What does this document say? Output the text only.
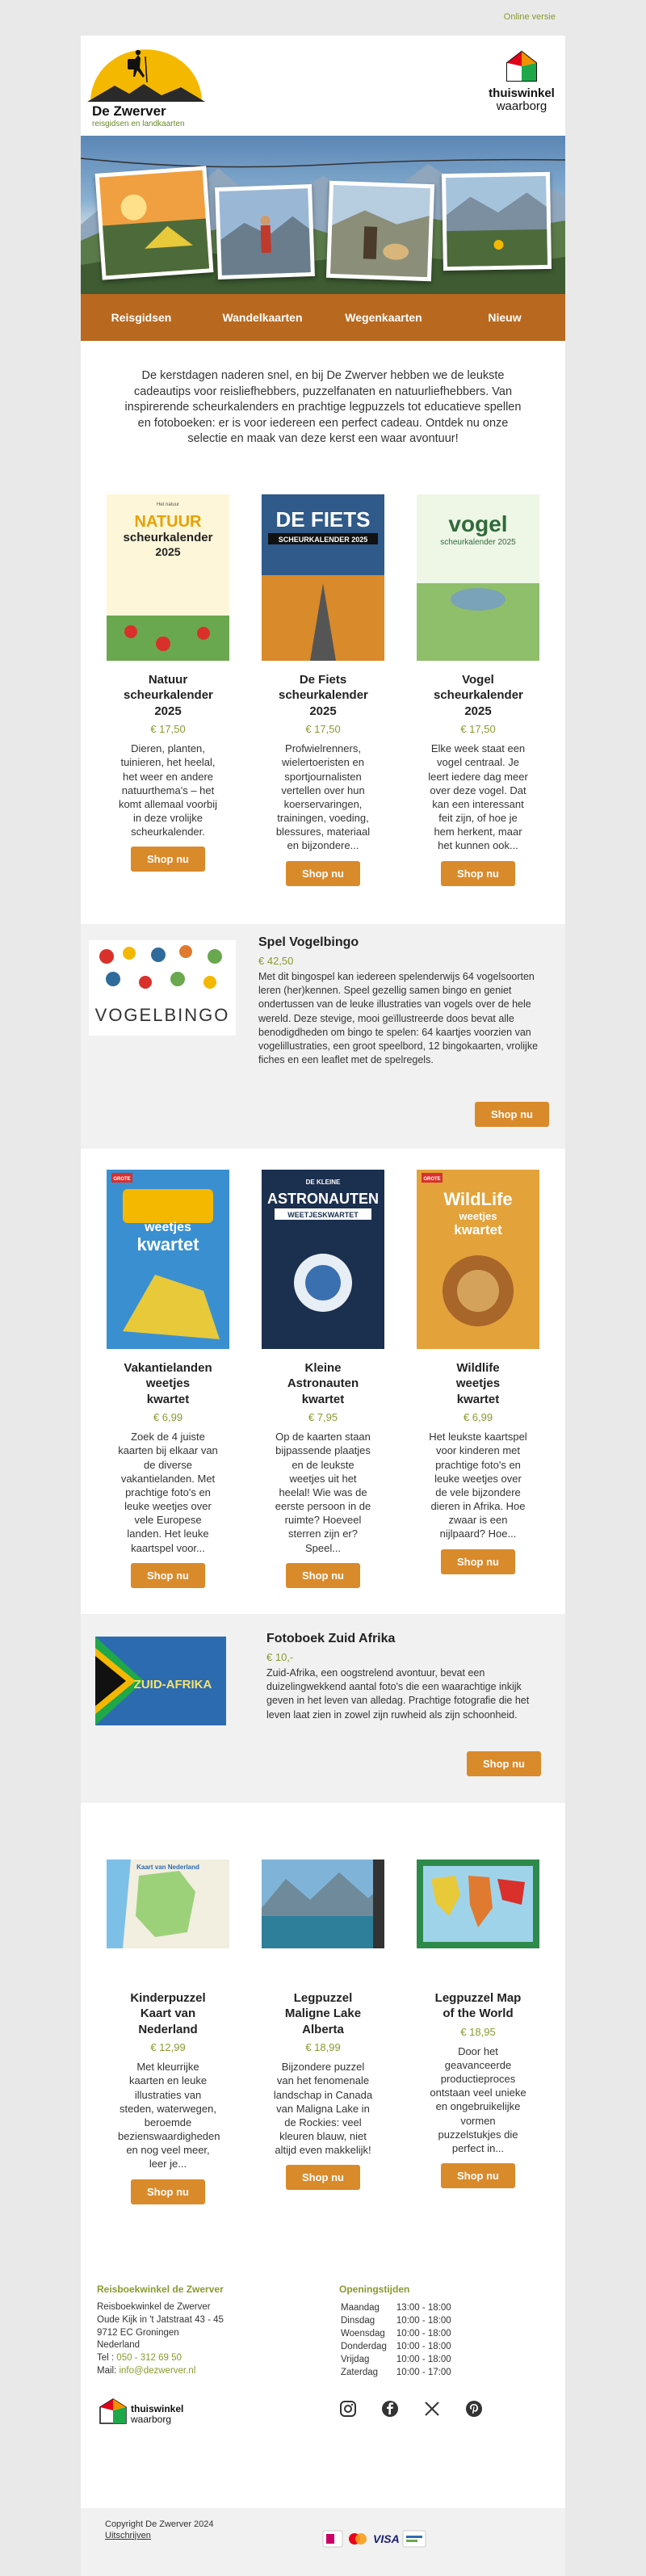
Online versie
De Zwerver
reisgidsen en landkaarten
thuiswinkel
waarborg
Reisgidsen	Wandelkaarten	Wegenkaarten	Nieuw
De kerstdagen naderen snel, en bij De Zwerver hebben we de leukste cadeautips voor reisliefhebbers, puzzelfanaten en natuurliefhebbers. Van inspirerende scheurkalenders en prachtige legpuzzels tot educatieve spellen en fotoboeken: er is voor iedereen een perfect cadeau. Ontdek nu onze selectie en maak van deze kerst een waar avontuur!
Het natuur
NATUUR
scheurkalender
2025
Natuur scheurkalender 2025
€ 17,50
Dieren, planten, tuinieren, het heelal, het weer en andere natuurthema's – het komt allemaal voorbij in deze vrolijke scheurkalender.
Shop nu
DE FIETS
SCHEURKALENDER 2025
De Fiets scheurkalender 2025
€ 17,50
Profwielrenners, wielertoeristen en sportjournalisten vertellen over hun koerservaringen, trainingen, voeding, blessures, materiaal en bijzondere...
Shop nu
vogel
scheurkalender 2025
Vogel scheurkalender 2025
€ 17,50
Elke week staat een vogel centraal. Je leert iedere dag meer over deze vogel. Dat kan een interessant feit zijn, of hoe je hem herkent, maar het kunnen ook...
Shop nu
VOGELBINGO
Spel Vogelbingo
€ 42,50
Met dit bingospel kan iedereen spelenderwijs 64 vogelsoorten leren (her)kennen. Speel gezellig samen bingo en geniet ondertussen van de leuke illustraties van vogels over de hele wereld. Deze stevige, mooi geïllustreerde doos bevat alle benodigdheden om bingo te spelen: 64 kaartjes voorzien van vogelillustraties, een groot speelbord, 12 bingokaarten, vrolijke fiches en een leaflet met de spelregels.
Shop nu
GROTE
weetjes
kwartet
Vakantielanden weetjes kwartet
€ 6,99
Zoek de 4 juiste kaarten bij elkaar van de diverse vakantielanden. Met prachtige foto's en leuke weetjes over vele Europese landen. Het leuke kaartspel voor...
Shop nu
DE KLEINE
ASTRONAUTEN
WEETJESKWARTET
Kleine Astronauten kwartet
€ 7,95
Op de kaarten staan bijpassende plaatjes en de leukste weetjes uit het heelal! Wie was de eerste persoon in de ruimte? Hoeveel sterren zijn er? Speel...
Shop nu
GROTE
WildLife
weetjes
kwartet
Wildlife weetjes kwartet
€ 6,99
Het leukste kaartspel voor kinderen met prachtige foto's en leuke weetjes over de vele bijzondere dieren in Afrika. Hoe zwaar is een nijlpaard? Hoe...
Shop nu
ZUID-AFRIKA
Fotoboek Zuid Afrika
€ 10,-
Zuid-Afrika, een oogstrelend avontuur, bevat een duizelingwekkend aantal foto's die een waarachtige inkijk geven in het leven van alledag. Prachtige fotografie die het leven laat zien in zowel zijn ruwheid als zijn schoonheid.
Shop nu
Kaart van Nederland
Kinderpuzzel Kaart van Nederland
€ 12,99
Met kleurrijke kaarten en leuke illustraties van steden, waterwegen, beroemde bezienswaardigheden en nog veel meer, leer je...
Shop nu
Legpuzzel Maligne Lake Alberta
€ 18,99
Bijzondere puzzel van het fenomenale landschap in Canada van Maligna Lake in de Rockies: veel kleuren blauw, niet altijd even makkelijk!
Shop nu
Legpuzzel Map of the World
€ 18,95
Door het geavanceerde productieproces ontstaan veel unieke en ongebruikelijke vormen puzzelstukjes die perfect in...
Shop nu
Reisboekwinkel de Zwerver
Reisboekwinkel de Zwerver
Oude Kijk in 't Jatstraat 43 - 45
9712 EC Groningen
Nederland
Tel : 050 - 312 69 50
Mail: info@dezwerver.nl
thuiswinkel
waarborg
Openingstijden
Maandag	13:00 - 18:00
Dinsdag	10:00 - 18:00
Woensdag	10:00 - 18:00
Donderdag	10:00 - 18:00
Vrijdag	10:00 - 18:00
Zaterdag	10:00 - 17:00
Copyright De Zwerver 2024
Uitschrijven	VISA
